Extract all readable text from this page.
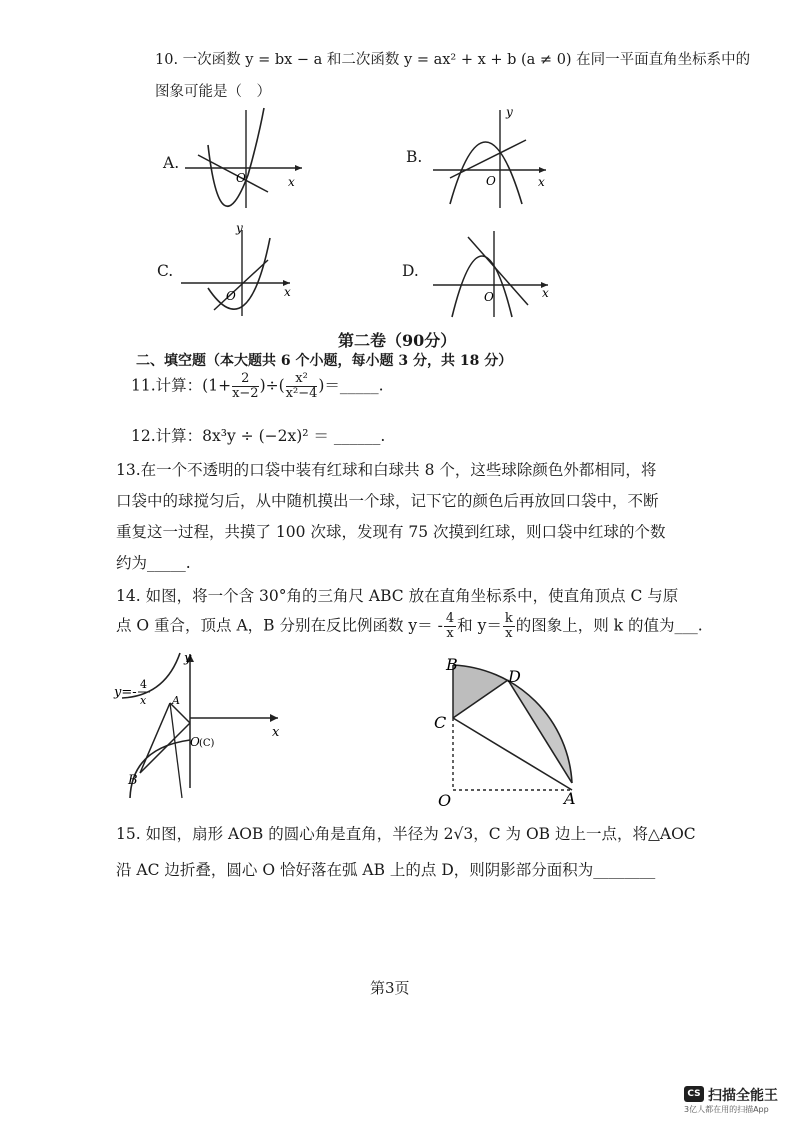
10. 一次函数 y = bx − a 和二次函数 y = ax² + x + b (a ≠ 0) 在同一平面直角坐标系中的
图象可能是（　）
A.
x
O
B.
y
x
O
C.
y
x
O
D.
x
O
第二卷（90分）
二、填空题（本大题共 6 个小题，每小题 3 分，共 18 分）
11.计算：($1+ \frac{2}{x-2}$ )÷( $\frac{\text{x²}}{\text{x²−4}}$ )＝_____.
12.计算：8x³y ÷ (−2x)² ＝ ______.
13.在一个不透明的口袋中装有红球和白球共 8 个，这些球除颜色外都相同，将
口袋中的球搅匀后，从中随机摸出一个球，记下它的颜色后再放回口袋中，不断
重复这一过程，共摸了 100 次球，发现有 75 次摸到红球，则口袋中红球的个数
约为_____.
14. 如图，将一个含 30°角的三角尺 ABC 放在直角坐标系中，使直角顶点 C 与原
点 O 重合，顶点 A，B 分别在反比例函数 $y= - \frac{4}{x}$ 和 $y= \frac{k}{x}$ 的图象上，则 k 的值为___.
y
x
y=-
4
x A
B
O (C)
B
D
C
O	A
15. 如图，扇形 AOB 的圆心角是直角，半径为 2√3，C 为 OB 边上一点，将△AOC
沿 AC 边折叠，圆心 O 恰好落在弧 AB 上的点 D，则阴影部分面积为________
第3页
CS 扫描全能王
3亿人都在用的扫描App
